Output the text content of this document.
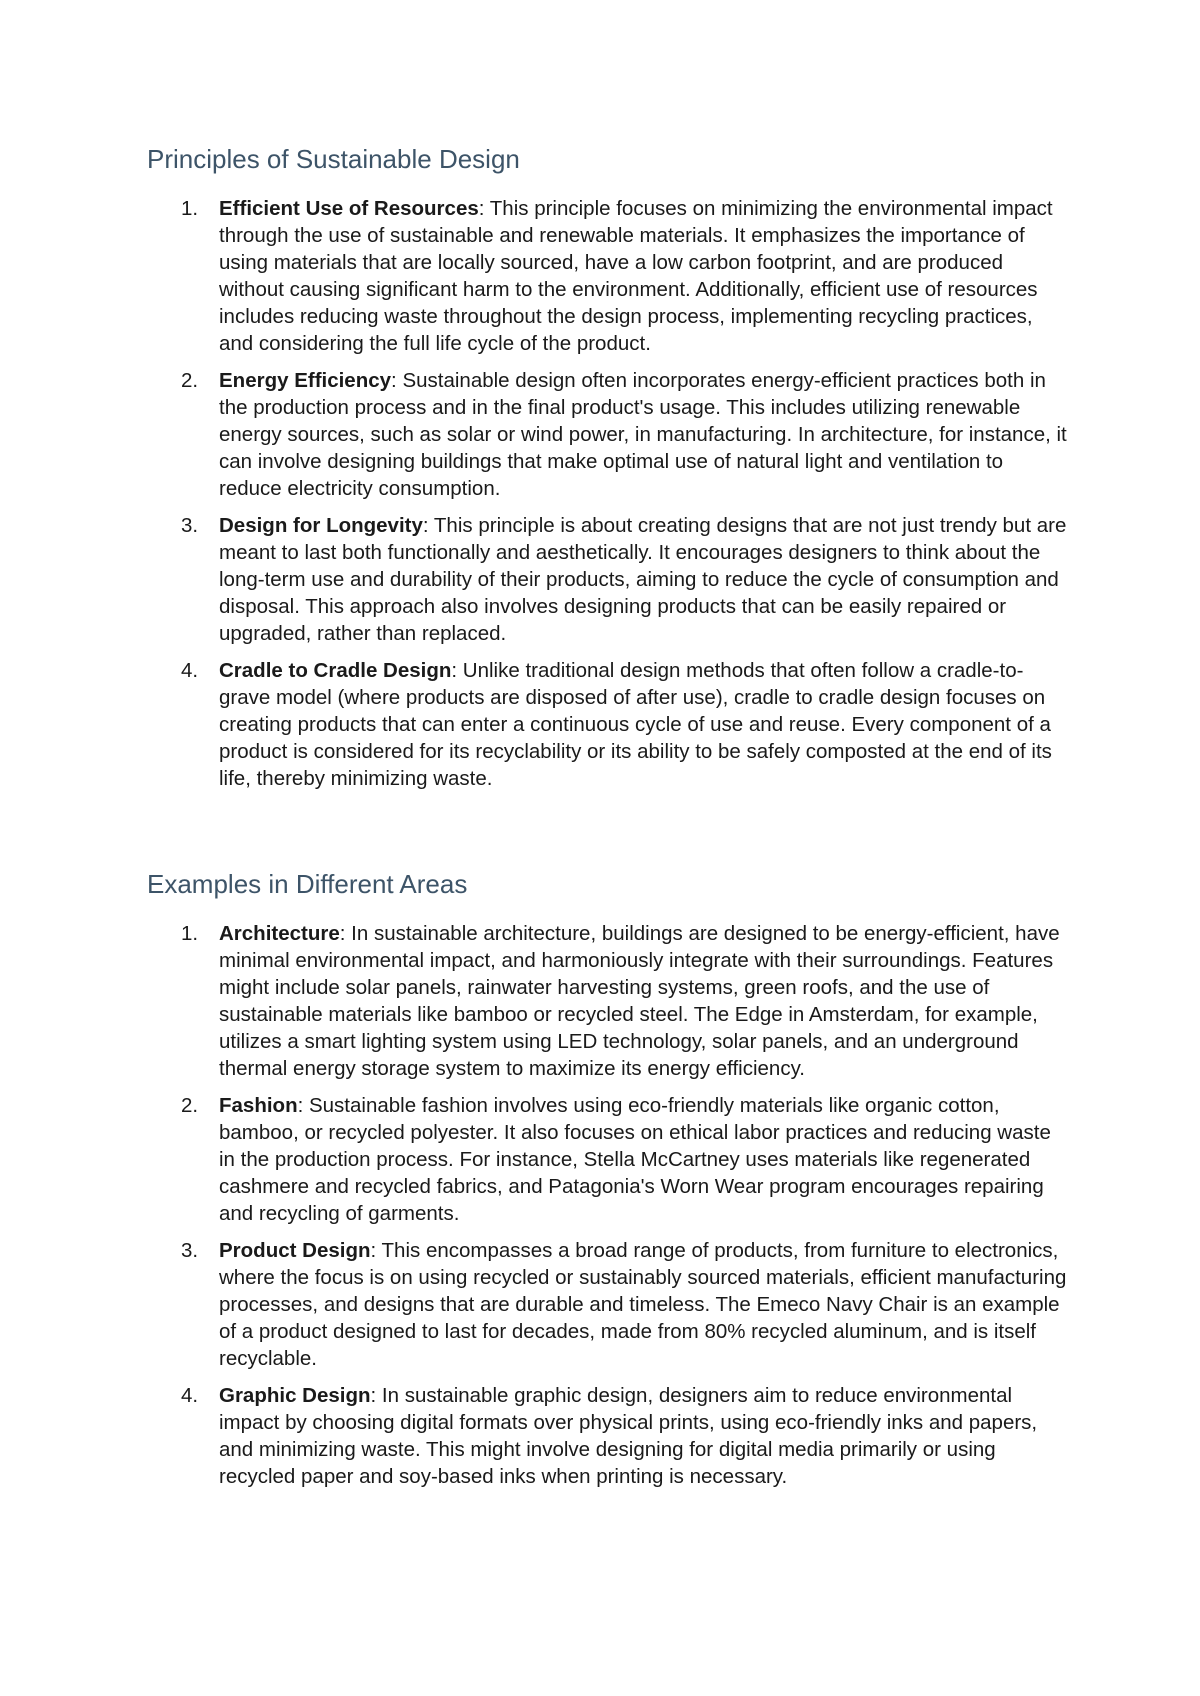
Principles of Sustainable Design
1.	Efficient Use of Resources: This principle focuses on minimizing the environmental impact through the use of sustainable and renewable materials. It emphasizes the importance of using materials that are locally sourced, have a low carbon footprint, and are produced without causing significant harm to the environment. Additionally, efficient use of resources includes reducing waste throughout the design process, implementing recycling practices, and considering the full life cycle of the product.
2.	Energy Efficiency: Sustainable design often incorporates energy-efficient practices both in the production process and in the final product's usage. This includes utilizing renewable energy sources, such as solar or wind power, in manufacturing. In architecture, for instance, it can involve designing buildings that make optimal use of natural light and ventilation to reduce electricity consumption.
3.	Design for Longevity: This principle is about creating designs that are not just trendy but are meant to last both functionally and aesthetically. It encourages designers to think about the long-term use and durability of their products, aiming to reduce the cycle of consumption and disposal. This approach also involves designing products that can be easily repaired or upgraded, rather than replaced.
4.	Cradle to Cradle Design: Unlike traditional design methods that often follow a cradle-to-grave model (where products are disposed of after use), cradle to cradle design focuses on creating products that can enter a continuous cycle of use and reuse. Every component of a product is considered for its recyclability or its ability to be safely composted at the end of its life, thereby minimizing waste.
Examples in Different Areas
1.	Architecture: In sustainable architecture, buildings are designed to be energy-efficient, have minimal environmental impact, and harmoniously integrate with their surroundings. Features might include solar panels, rainwater harvesting systems, green roofs, and the use of sustainable materials like bamboo or recycled steel. The Edge in Amsterdam, for example, utilizes a smart lighting system using LED technology, solar panels, and an underground thermal energy storage system to maximize its energy efficiency.
2.	Fashion: Sustainable fashion involves using eco-friendly materials like organic cotton, bamboo, or recycled polyester. It also focuses on ethical labor practices and reducing waste in the production process. For instance, Stella McCartney uses materials like regenerated cashmere and recycled fabrics, and Patagonia's Worn Wear program encourages repairing and recycling of garments.
3.	Product Design: This encompasses a broad range of products, from furniture to electronics, where the focus is on using recycled or sustainably sourced materials, efficient manufacturing processes, and designs that are durable and timeless. The Emeco Navy Chair is an example of a product designed to last for decades, made from 80% recycled aluminum, and is itself recyclable.
4.	Graphic Design: In sustainable graphic design, designers aim to reduce environmental impact by choosing digital formats over physical prints, using eco-friendly inks and papers, and minimizing waste. This might involve designing for digital media primarily or using recycled paper and soy-based inks when printing is necessary.
